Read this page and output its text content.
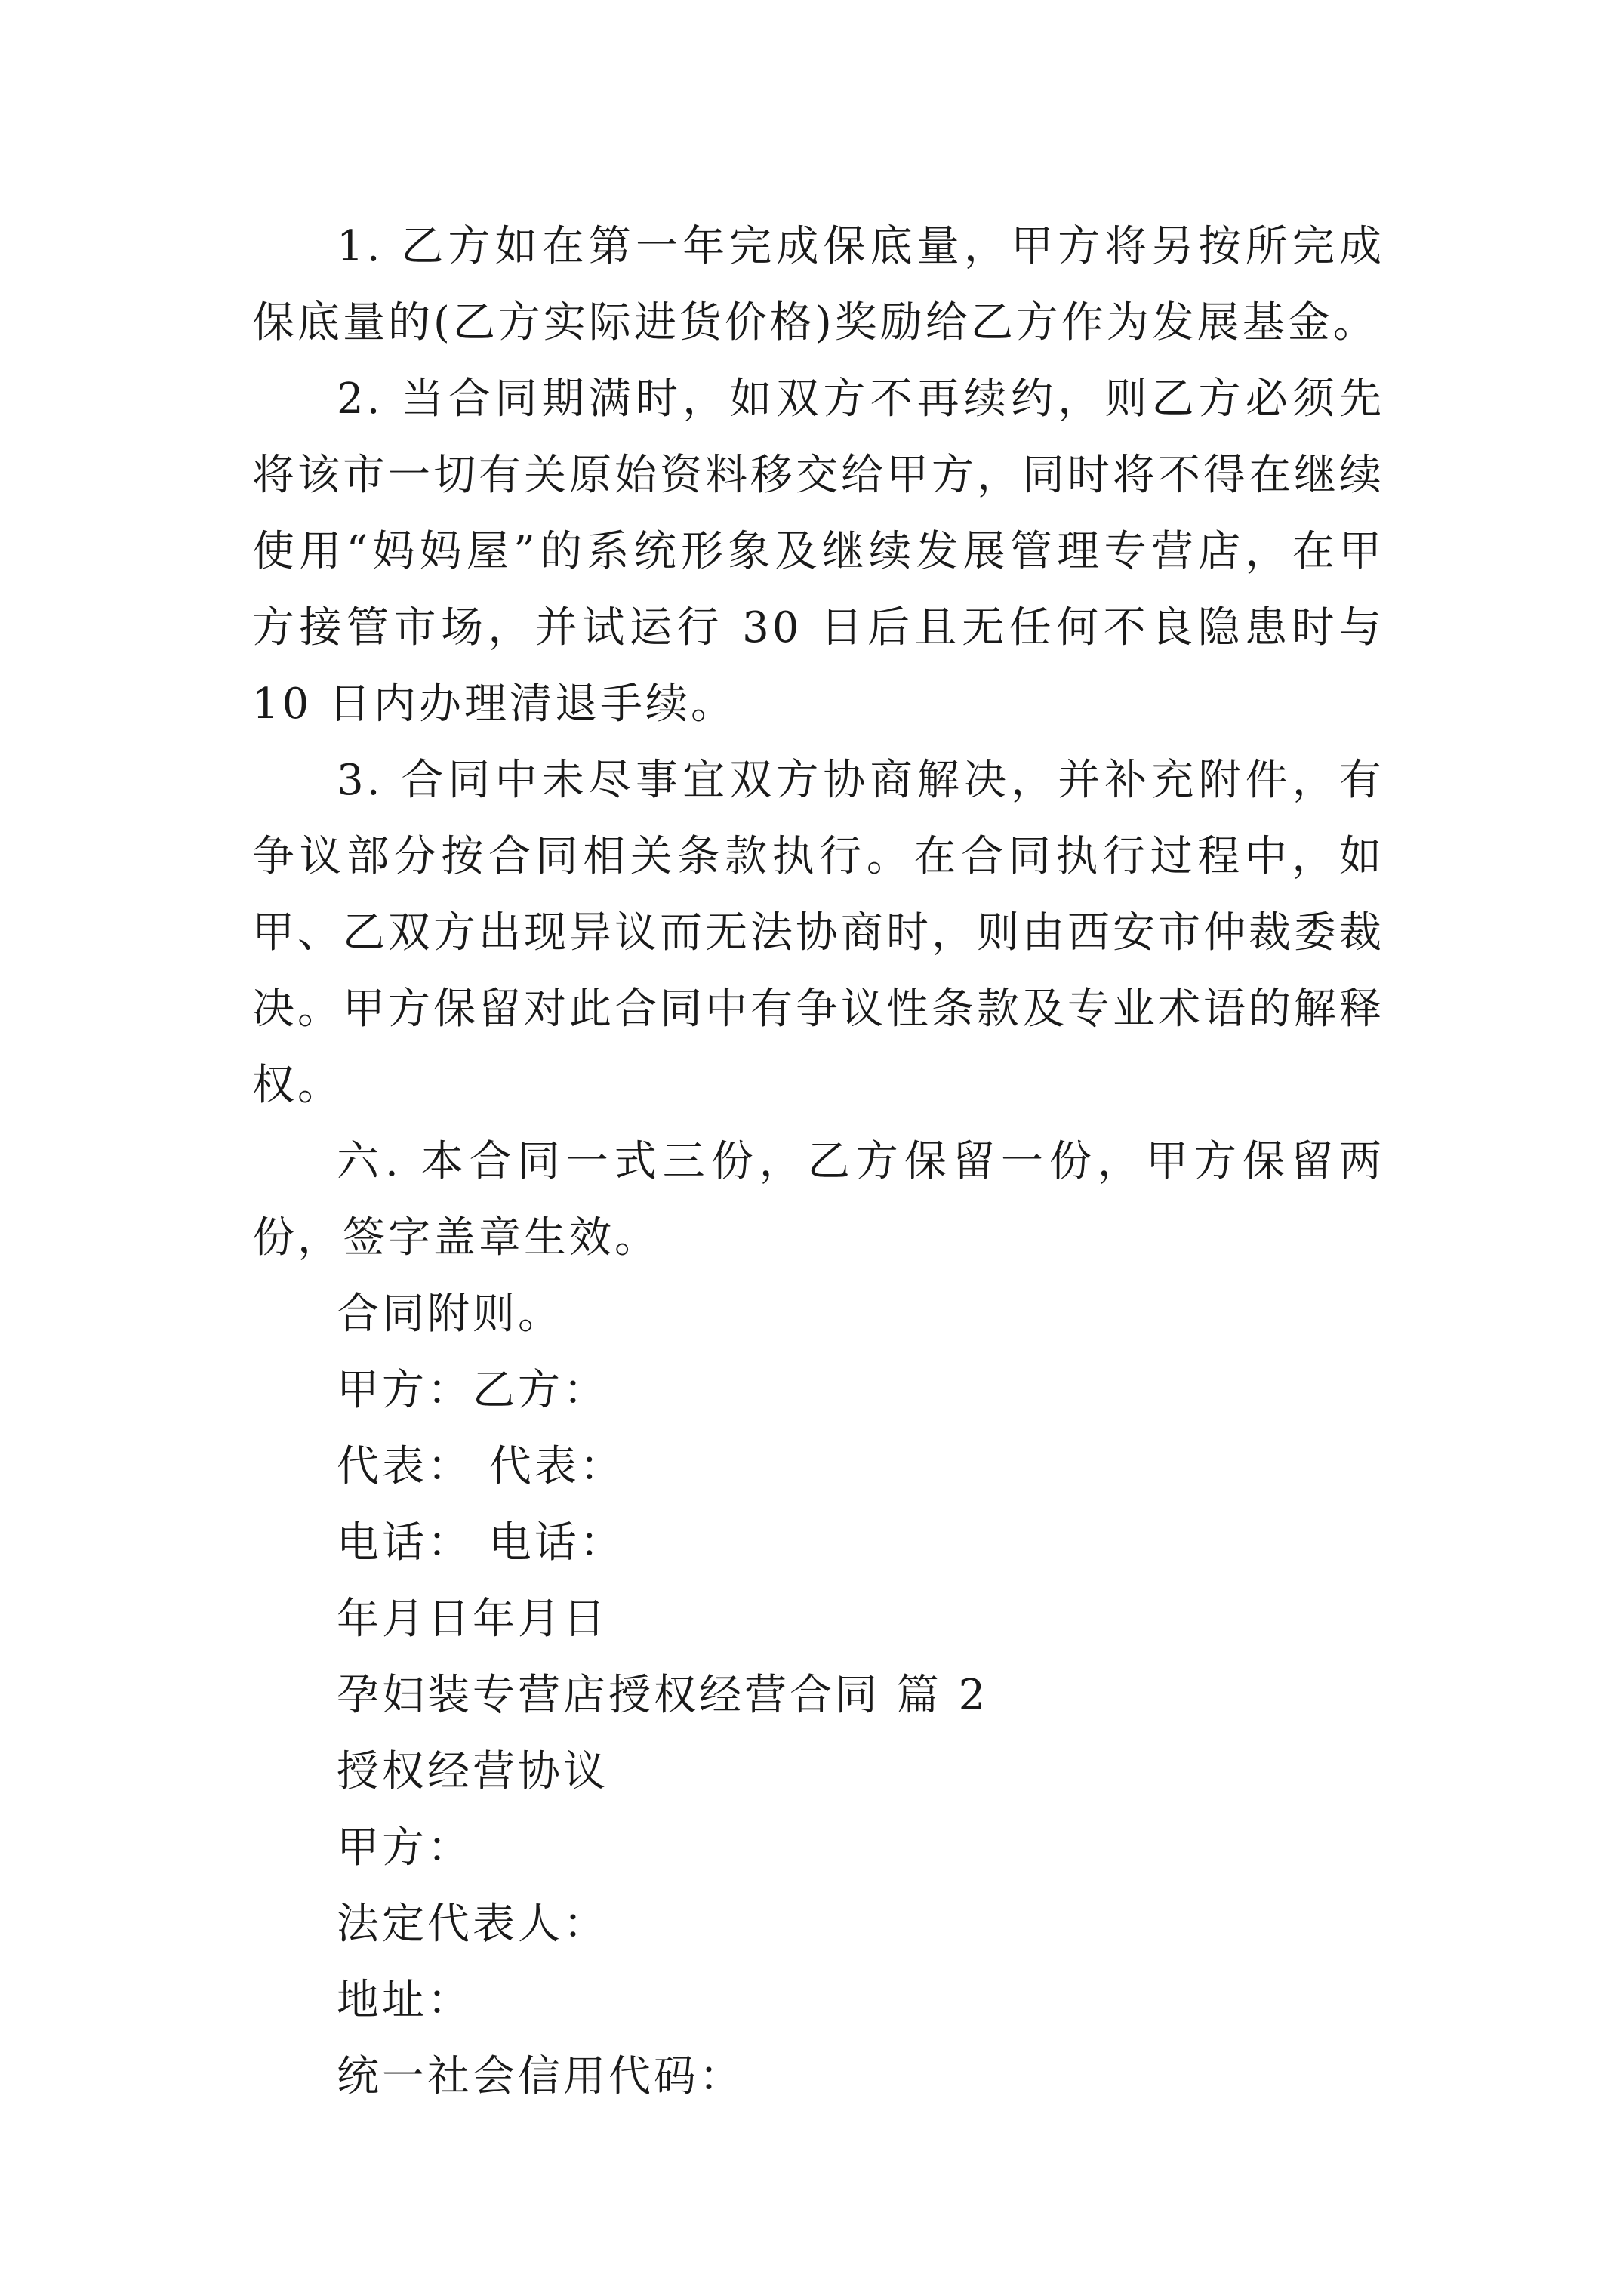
1. 乙方如在第一年完成保底量，甲方将另按所完成保底量的(乙方实际进货价格)奖励给乙方作为发展基金。

2. 当合同期满时，如双方不再续约，则乙方必须先将该市一切有关原始资料移交给甲方，同时将不得在继续使用“妈妈屋”的系统形象及继续发展管理专营店，在甲方接管市场，并试运行 30 日后且无任何不良隐患时与 10 日内办理清退手续。

3. 合同中未尽事宜双方协商解决，并补充附件，有争议部分按合同相关条款执行。在合同执行过程中，如甲、乙双方出现异议而无法协商时，则由西安市仲裁委裁决。甲方保留对此合同中有争议性条款及专业术语的解释权。

六. 本合同一式三份，乙方保留一份，甲方保留两份，签字盖章生效。

合同附则。

甲方：乙方：

代表： 代表：

电话： 电话：

年月日年月日

孕妇装专营店授权经营合同 篇 2

授权经营协议

甲方：

法定代表人：

地址：

统一社会信用代码：
